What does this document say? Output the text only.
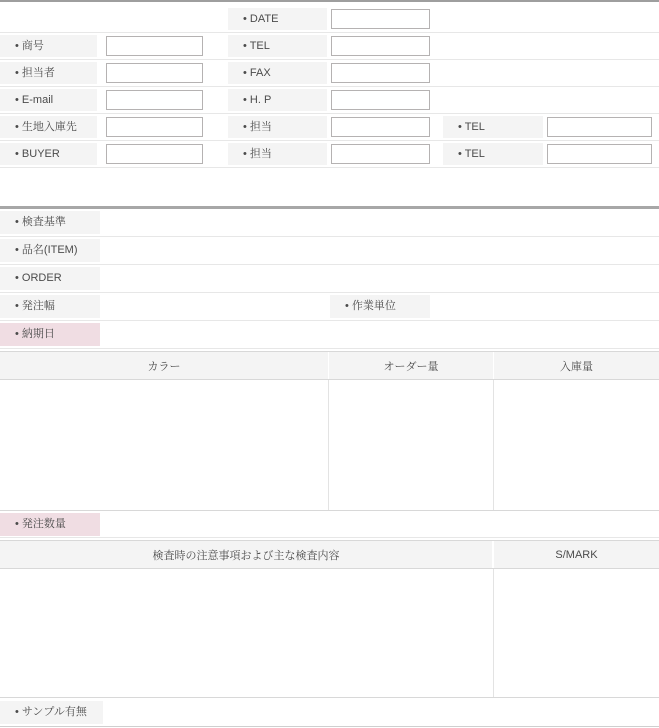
• DATE
• 商号	• TEL
• 担当者	• FAX
• E-mail	• H. P
• 生地入庫先	• 担当	• TEL
• BUYER	• 担当	• TEL
• 検査基準
• 品名(ITEM)
• ORDER
• 発注幅	• 作業単位
• 納期日
カラー	オーダー量	入庫量
• 発注数量
検査時の注意事項および主な検査内容	S/MARK
• サンプル有無
